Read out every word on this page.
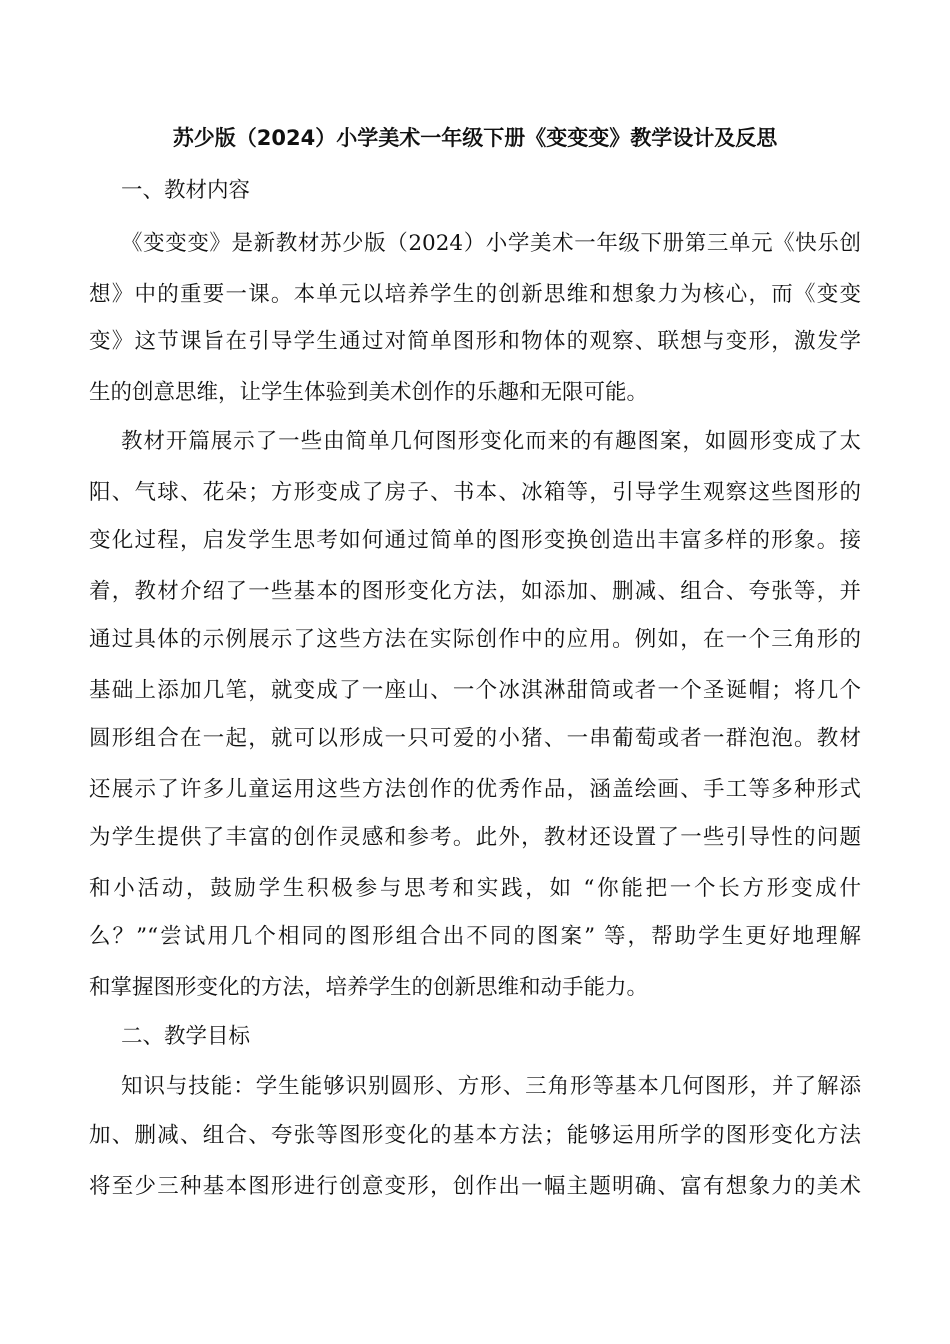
苏少版（2024）小学美术一年级下册《变变变》教学设计及反思
一、教材内容
《变变变》是新教材苏少版（2024）小学美术一年级下册第三单元《快乐创
想》中的重要一课。本单元以培养学生的创新思维和想象力为核心，而《变变
变》这节课旨在引导学生通过对简单图形和物体的观察、联想与变形，激发学
生的创意思维，让学生体验到美术创作的乐趣和无限可能。
教材开篇展示了一些由简单几何图形变化而来的有趣图案，如圆形变成了太
阳、气球、花朵；方形变成了房子、书本、冰箱等，引导学生观察这些图形的
变化过程，启发学生思考如何通过简单的图形变换创造出丰富多样的形象。接
着，教材介绍了一些基本的图形变化方法，如添加、删减、组合、夸张等，并
通过具体的示例展示了这些方法在实际创作中的应用。例如，在一个三角形的
基础上添加几笔，就变成了一座山、一个冰淇淋甜筒或者一个圣诞帽；将几个
圆形组合在一起，就可以形成一只可爱的小猪、一串葡萄或者一群泡泡。教材
还展示了许多儿童运用这些方法创作的优秀作品，涵盖绘画、手工等多种形式
为学生提供了丰富的创作灵感和参考。此外，教材还设置了一些引导性的问题
和小活动，鼓励学生积极参与思考和实践，如 “你能把一个长方形变成什
么？”“尝试用几个相同的图形组合出不同的图案” 等，帮助学生更好地理解
和掌握图形变化的方法，培养学生的创新思维和动手能力。
二、教学目标
知识与技能：学生能够识别圆形、方形、三角形等基本几何图形，并了解添
加、删减、组合、夸张等图形变化的基本方法；能够运用所学的图形变化方法
将至少三种基本图形进行创意变形，创作出一幅主题明确、富有想象力的美术
